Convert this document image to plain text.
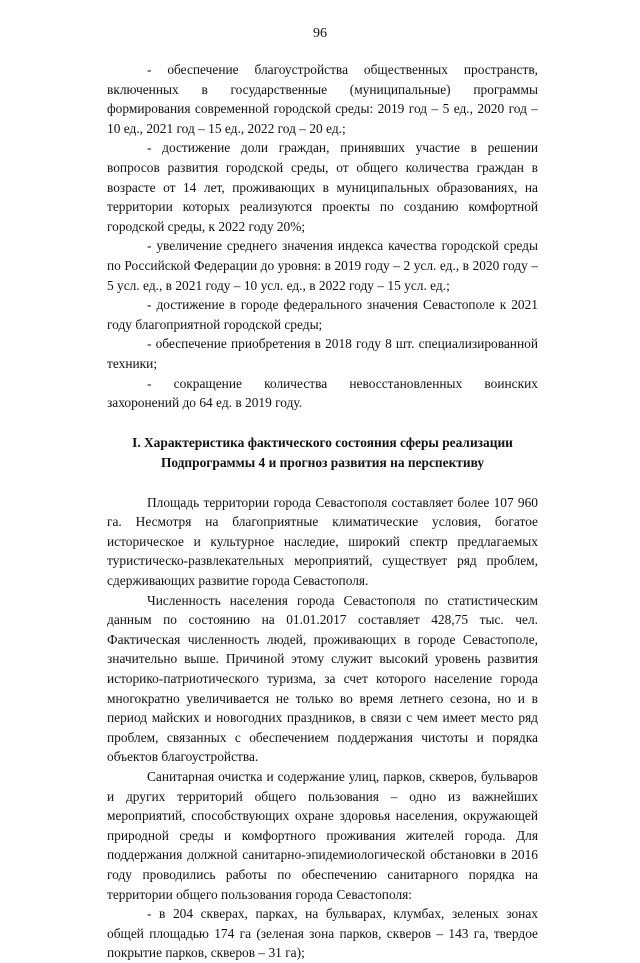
96

- обеспечение благоустройства общественных пространств, включенных в государственные (муниципальные) программы формирования современной городской среды: 2019 год – 5 ед., 2020 год – 10 ед., 2021 год – 15 ед., 2022 год – 20 ед.;

- достижение доли граждан, принявших участие в решении вопросов развития городской среды, от общего количества граждан в возрасте от 14 лет, проживающих в муниципальных образованиях, на территории которых реализуются проекты по созданию комфортной городской среды, к 2022 году 20%;

- увеличение среднего значения индекса качества городской среды по Российской Федерации до уровня: в 2019 году – 2 усл. ед., в 2020 году – 5 усл. ед., в 2021 году – 10 усл. ед., в 2022 году – 15 усл. ед.;

- достижение в городе федерального значения Севастополе к 2021 году благоприятной городской среды;

- обеспечение приобретения в 2018 году 8 шт. специализированной техники;

- сокращение количества невосстановленных воинских захоронений до 64 ед. в 2019 году.

I. Характеристика фактического состояния сферы реализации
Подпрограммы 4 и прогноз развития на перспективу

Площадь территории города Севастополя составляет более 107 960 га. Несмотря на благоприятные климатические условия, богатое историческое и культурное наследие, широкий спектр предлагаемых туристическо-развлекательных мероприятий, существует ряд проблем, сдерживающих развитие города Севастополя.

Численность населения города Севастополя по статистическим данным по состоянию на 01.01.2017 составляет 428,75 тыс. чел. Фактическая численность людей, проживающих в городе Севастополе, значительно выше. Причиной этому служит высокий уровень развития историко-патриотического туризма, за счет которого население города многократно увеличивается не только во время летнего сезона, но и в период майских и новогодних праздников, в связи с чем имеет место ряд проблем, связанных с обеспечением поддержания чистоты и порядка объектов благоустройства.

Санитарная очистка и содержание улиц, парков, скверов, бульваров и других территорий общего пользования – одно из важнейших мероприятий, способствующих охране здоровья населения, окружающей природной среды и комфортного проживания жителей города. Для поддержания должной санитарно-эпидемиологической обстановки в 2016 году проводились работы по обеспечению санитарного порядка на территории общего пользования города Севастополя:

- в 204 скверах, парках, на бульварах, клумбах, зеленых зонах общей площадью 174 га (зеленая зона парков, скверов – 143 га, твердое покрытие парков, скверов – 31 га);
